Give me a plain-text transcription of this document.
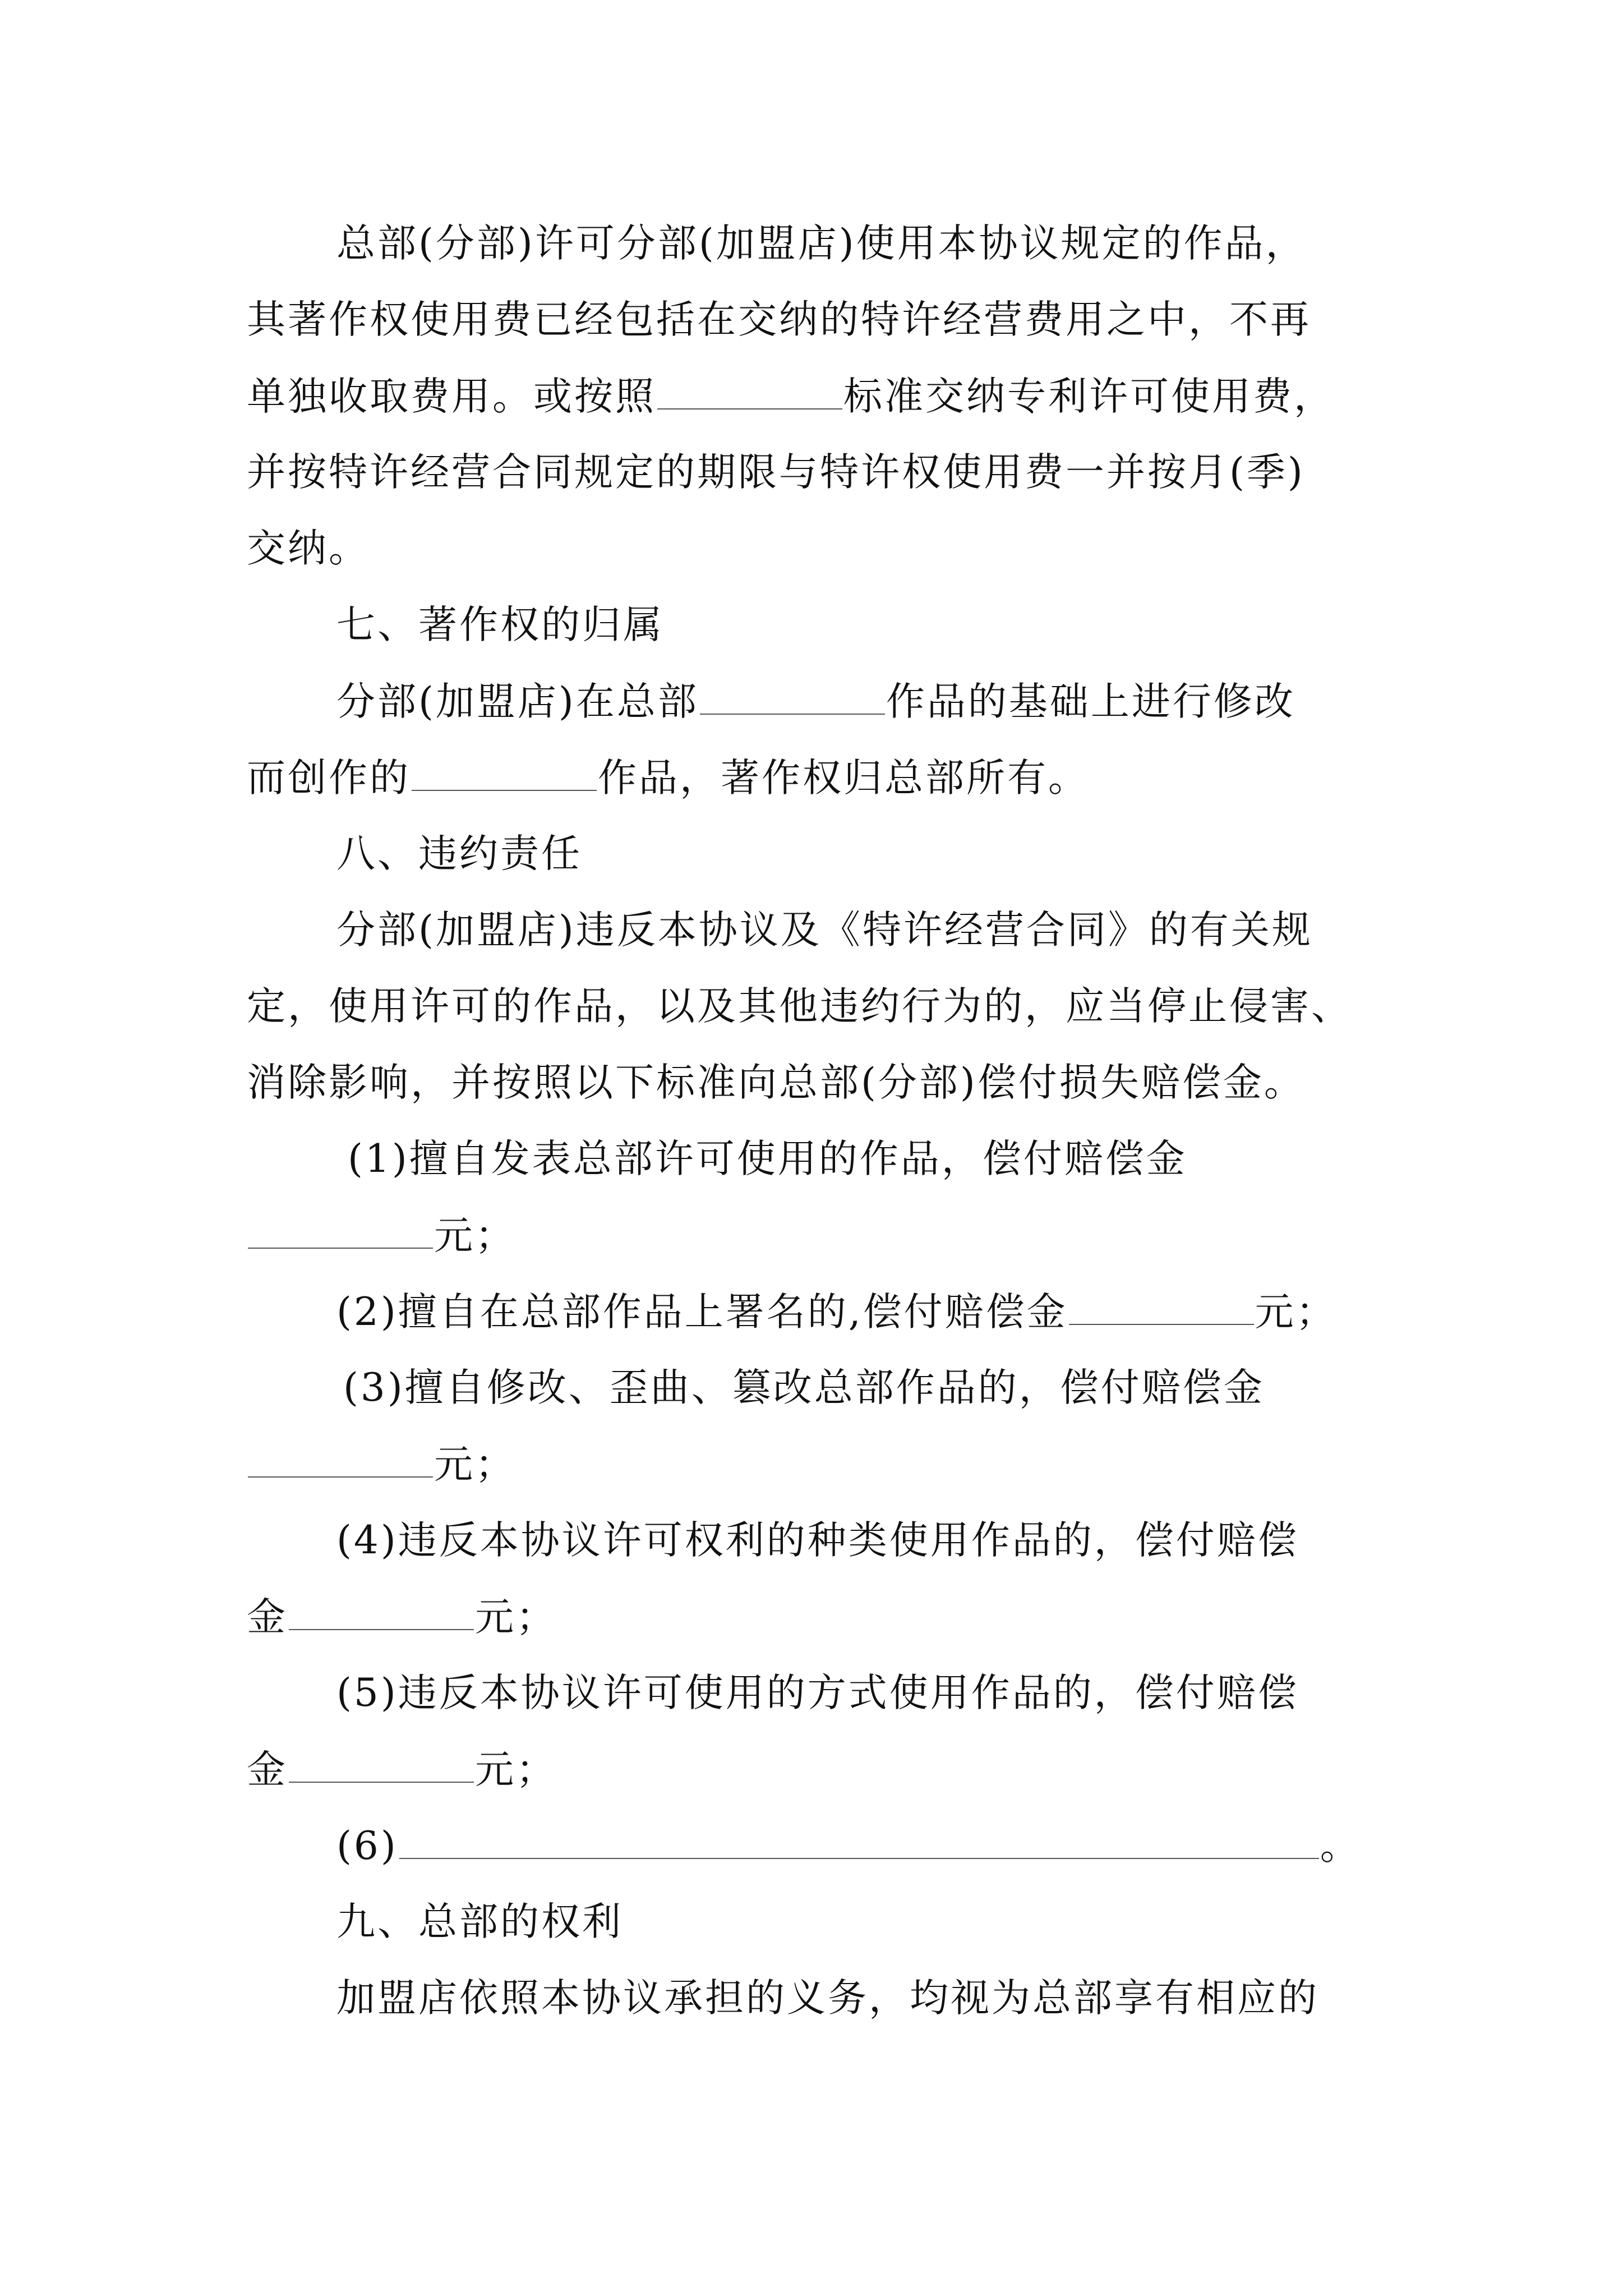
总部(分部)许可分部(加盟店)使用本协议规定的作品，
其著作权使用费已经包括在交纳的特许经营费用之中，不再
单独收取费用。或按照	标准交纳专利许可使用费，
并按特许经营合同规定的期限与特许权使用费一并按月(季)
交纳。
七、著作权的归属
分部(加盟店)在总部	作品的基础上进行修改
而创作的	作品，著作权归总部所有。
八、违约责任
分部(加盟店)违反本协议及《特许经营合同》的有关规
定，使用许可的作品，以及其他违约行为的，应当停止侵害、
消除影响，并按照以下标准向总部(分部)偿付损失赔偿金。
(1)擅自发表总部许可使用的作品，偿付赔偿金
元；
(2)擅自在总部作品上署名的,偿付赔偿金	元；
(3)擅自修改、歪曲、篡改总部作品的，偿付赔偿金
元；
(4)违反本协议许可权利的种类使用作品的，偿付赔偿
金	元；
(5)违反本协议许可使用的方式使用作品的，偿付赔偿
金	元；
(6)	。
九、总部的权利
加盟店依照本协议承担的义务，均视为总部享有相应的
